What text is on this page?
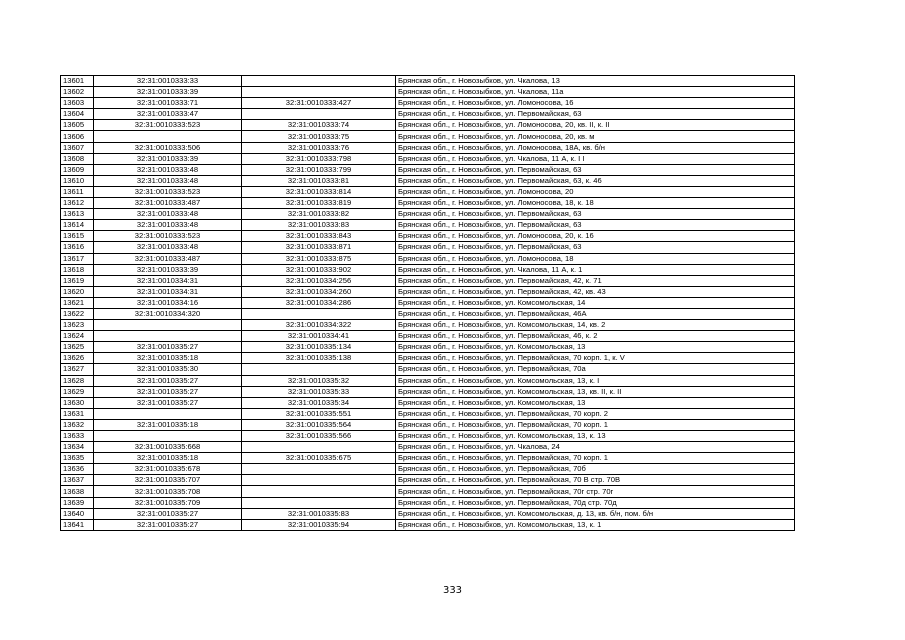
13601	32:31:0010333:33		Брянская обл., г. Новозыбков, ул. Чкалова, 13
13602	32:31:0010333:39		Брянская обл., г. Новозыбков, ул. Чкалова, 11а
13603	32:31:0010333:71	32:31:0010333:427	Брянская обл., г. Новозыбков, ул. Ломоносова, 16
13604	32:31:0010333:47		Брянская обл., г. Новозыбков, ул. Первомайская, 63
13605	32:31:0010333:523	32:31:0010333:74	Брянская обл., г. Новозыбков, ул. Ломоносова, 20, кв. II, к. II
13606		32:31:0010333:75	Брянская обл., г. Новозыбков, ул. Ломоносова, 20, кв. м
13607	32:31:0010333:506	32:31:0010333:76	Брянская обл., г. Новозыбков, ул. Ломоносова, 18А, кв. б/н
13608	32:31:0010333:39	32:31:0010333:798	Брянская обл., г. Новозыбков, ул. Чкалова, 11 А, к. I I
13609	32:31:0010333:48	32:31:0010333:799	Брянская обл., г. Новозыбков, ул. Первомайская, 63
13610	32:31:0010333:48	32:31:0010333:81	Брянская обл., г. Новозыбков, ул. Первомайская, 63, к. 46
13611	32:31:0010333:523	32:31:0010333:814	Брянская обл., г. Новозыбков, ул. Ломоносова, 20
13612	32:31:0010333:487	32:31:0010333:819	Брянская обл., г. Новозыбков, ул. Ломоносова, 18, к. 18
13613	32:31:0010333:48	32:31:0010333:82	Брянская обл., г. Новозыбков, ул. Первомайская, 63
13614	32:31:0010333:48	32:31:0010333:83	Брянская обл., г. Новозыбков, ул. Первомайская, 63
13615	32:31:0010333:523	32:31:0010333:843	Брянская обл., г. Новозыбков, ул. Ломоносова, 20, к. 16
13616	32:31:0010333:48	32:31:0010333:871	Брянская обл., г. Новозыбков, ул. Первомайская, 63
13617	32:31:0010333:487	32:31:0010333:875	Брянская обл., г. Новозыбков, ул. Ломоносова, 18
13618	32:31:0010333:39	32:31:0010333:902	Брянская обл., г. Новозыбков, ул. Чкалова, 11 А, к. 1
13619	32:31:0010334:31	32:31:0010334:256	Брянская обл., г. Новозыбков, ул. Первомайская, 42, к. 71
13620	32:31:0010334:31	32:31:0010334:260	Брянская обл., г. Новозыбков, ул. Первомайская, 42, кв. 43
13621	32:31:0010334:16	32:31:0010334:286	Брянская обл., г. Новозыбков, ул. Комсомольская, 14
13622	32:31:0010334:320		Брянская обл., г. Новозыбков, ул. Первомайская, 46А
13623		32:31:0010334:322	Брянская обл., г. Новозыбков, ул. Комсомольская, 14, кв. 2
13624		32:31:0010334:41	Брянская обл., г. Новозыбков, ул. Первомайская, 46, к. 2
13625	32:31:0010335:27	32:31:0010335:134	Брянская обл., г. Новозыбков, ул. Комсомольская, 13
13626	32:31:0010335:18	32:31:0010335:138	Брянская обл., г. Новозыбков, ул. Первомайская, 70 корп. 1, к. V
13627	32:31:0010335:30		Брянская обл., г. Новозыбков, ул. Первомайская, 70а
13628	32:31:0010335:27	32:31:0010335:32	Брянская обл., г. Новозыбков, ул. Комсомольская, 13, к. I
13629	32:31:0010335:27	32:31:0010335:33	Брянская обл., г. Новозыбков, ул. Комсомольская, 13, кв. II, к. II
13630	32:31:0010335:27	32:31:0010335:34	Брянская обл., г. Новозыбков, ул. Комсомольская, 13
13631		32:31:0010335:551	Брянская обл., г. Новозыбков, ул. Первомайская, 70 корп. 2
13632	32:31:0010335:18	32:31:0010335:564	Брянская обл., г. Новозыбков, ул. Первомайская, 70 корп. 1
13633		32:31:0010335:566	Брянская обл., г. Новозыбков, ул. Комсомольская, 13, к. 13
13634	32:31:0010335:668		Брянская обл., г. Новозыбков, ул. Чкалова, 24
13635	32:31:0010335:18	32:31:0010335:675	Брянская обл., г. Новозыбков, ул. Первомайская, 70 корп. 1
13636	32:31:0010335:678		Брянская обл., г. Новозыбков, ул. Первомайская, 70б
13637	32:31:0010335:707		Брянская обл., г. Новозыбков, ул. Первомайская, 70 В стр. 70В
13638	32:31:0010335:708		Брянская обл., г. Новозыбков, ул. Первомайская, 70г стр. 70г
13639	32:31:0010335:709		Брянская обл., г. Новозыбков, ул. Первомайская, 70д стр. 70д
13640	32:31:0010335:27	32:31:0010335:83	Брянская обл., г. Новозыбков, ул. Комсомольская, д. 13, кв. б/н, пом. б/н
13641	32:31:0010335:27	32:31:0010335:94	Брянская обл., г. Новозыбков, ул. Комсомольская, 13, к. 1
333
